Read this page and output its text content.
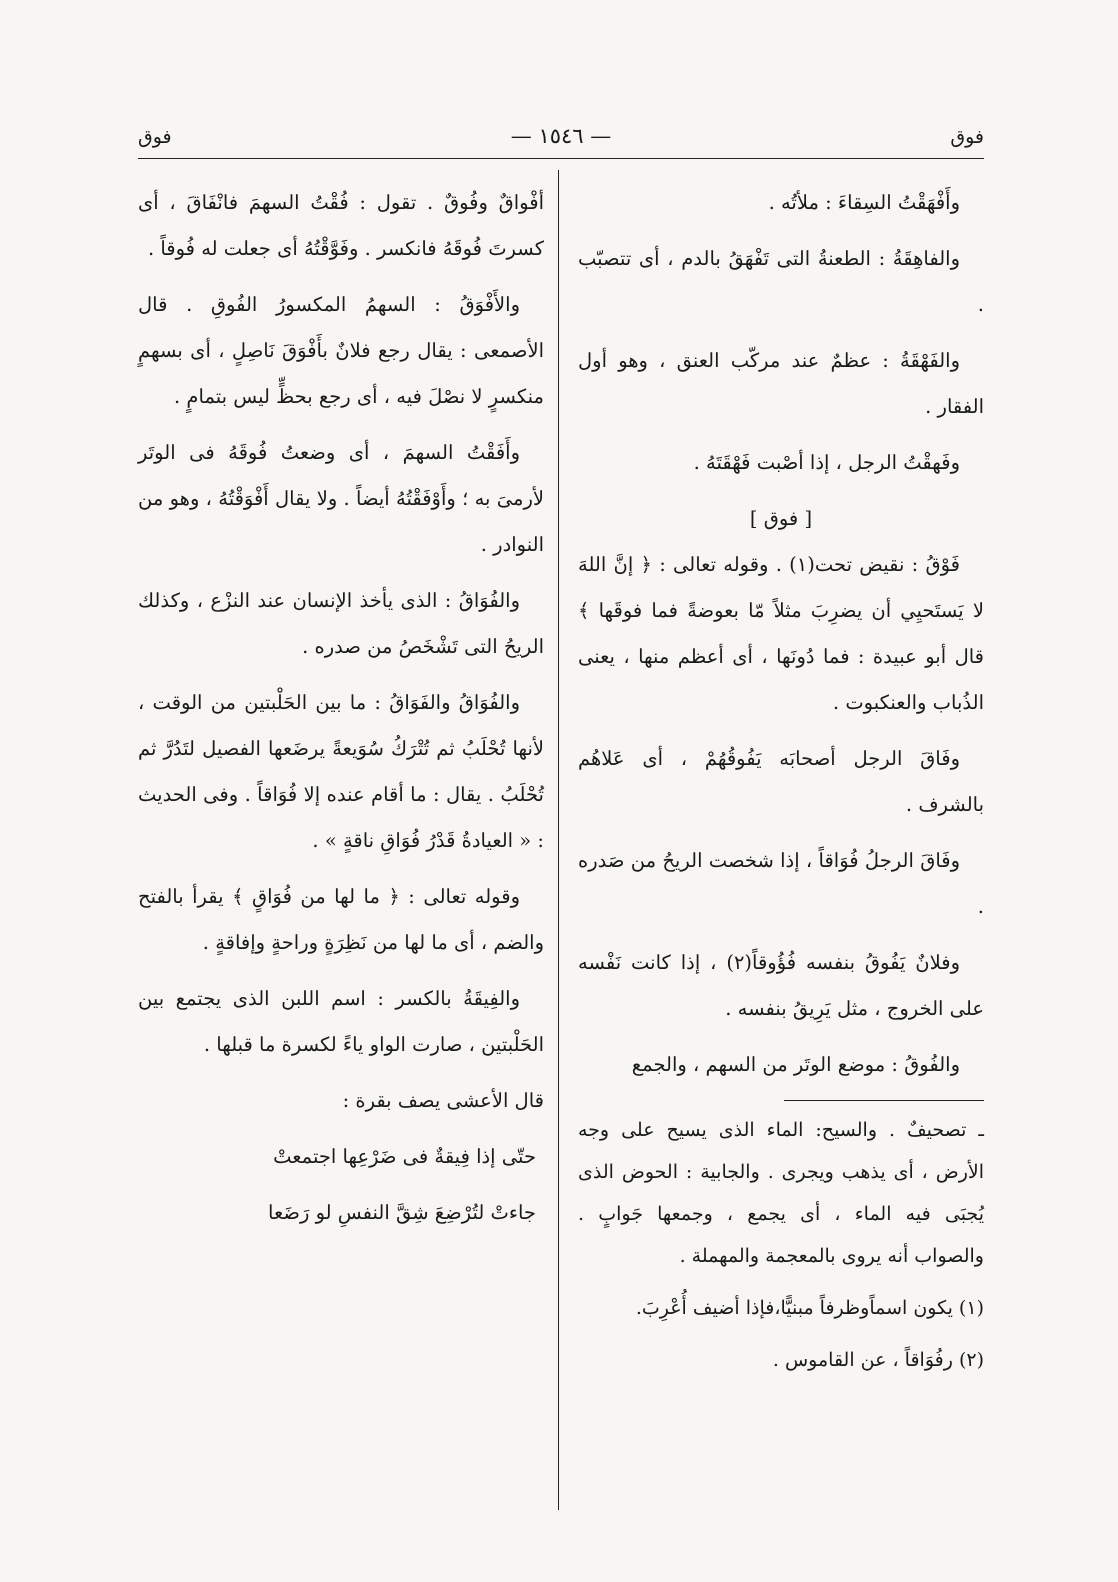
فوق
— ١٥٤٦ —
فوق

وأَفْهَقْتُ السِقاءَ : ملأتُه .

والفاهِقَةُ : الطعنةُ التى تَفْهَقُ بالدم ، أى تتصبّب .

والفَهْقَةُ : عظمٌ عند مركّب العنق ، وهو أول الفقار .

وفَهقْتُ الرجل ، إذا أصْبت فَهْقَتَهُ .

[ فوق ]

فَوْقُ : نقيض تحت(١) . وقوله تعالى : ﴿ إنَّ اللهَ لا يَستَحيِي أن يضرِبَ مثلاً مّا بعوضةً فما فوقَها ﴾ قال أبو عبيدة : فما دُونَها ، أى أعظم منها ، يعنى الذُباب والعنكبوت .

وفَاقَ الرجل أصحابَه يَفُوقُهُمْ ، أى عَلاهُم بالشرف .

وفَاقَ الرجلُ فُوَاقاً ، إذا شخصت الريحُ من صَدره .

وفلانٌ يَفُوقُ بنفسه فُؤُوقاً(٢) ، إذا كانت نَفْسه على الخروج ، مثل يَرِيقُ بنفسه .

والفُوقُ : موضع الوتَر من السهم ، والجمع

ـ تصحيفٌ . والسيح: الماء الذى يسيح على وجه الأرض ، أى يذهب ويجرى . والجابية : الحوض الذى يُجبَى فيه الماء ، أى يجمع ، وجمعها جَوابٍ . والصواب أنه يروى بالمعجمة والمهملة .

(١) يكون اسماًوظرفاً مبنيًّا،فإذا أضيف أُعْرِبَ.

(٢) رفُوَاقاً ، عن القاموس .

أفْواقٌ وفُوقٌ . تقول : فُقْتُ السهمَ فانْفَاقَ ، أى كسرتَ فُوقَهُ فانكسر . وفَوَّقْتُهُ أى جعلت له فُوقاً .

والأَفْوَقُ : السهمُ المكسورُ الفُوقِ . قال الأصمعى : يقال رجع فلانٌ بأَفْوَقَ نَاصِلٍ ، أى بسهمٍ منكسرٍ لا نصْلَ فيه ، أى رجع بحظٍّ ليس بتمامٍ .

وأَفَقْتُ السهمَ ، أى وضعتُ فُوقَهُ فى الوتَر لأرمىَ به ؛ وأَوْفَقْتُهُ أيضاً . ولا يقال أَفْوَقْتُهُ ، وهو من النوادر .

والفُوَاقُ : الذى يأخذ الإنسان عند النزْع ، وكذلك الريحُ التى تَشْخَصُ من صدره .

والفُوَاقُ والفَوَاقُ : ما بين الحَلْبتين من الوقت ، لأنها تُحْلَبُ ثم تُتْرَكُ سُوَيعةً يرضَعها الفصيل لتَدُرَّ ثم تُحْلَبُ . يقال : ما أقام عنده إلا فُوَاقاً . وفى الحديث : « العيادةُ قَدْرُ فُوَاقِ ناقةٍ » .

وقوله تعالى : ﴿ ما لها من فُوَاقٍ ﴾ يقرأ بالفتح والضم ، أى ما لها من نَظِرَةٍ وراحةٍ وإفاقةٍ .

والفِيقَةُ بالكسر : اسم اللبن الذى يجتمع بين الحَلْبتين ، صارت الواو ياءً لكسرة ما قبلها .

قال الأعشى يصف بقرة :

حتّى إذا فِيقةٌ فى ضَرْعِها اجتمعتْ

جاءتْ لتُرْضِعَ شِقَّ النفسِ لو رَضَعا
